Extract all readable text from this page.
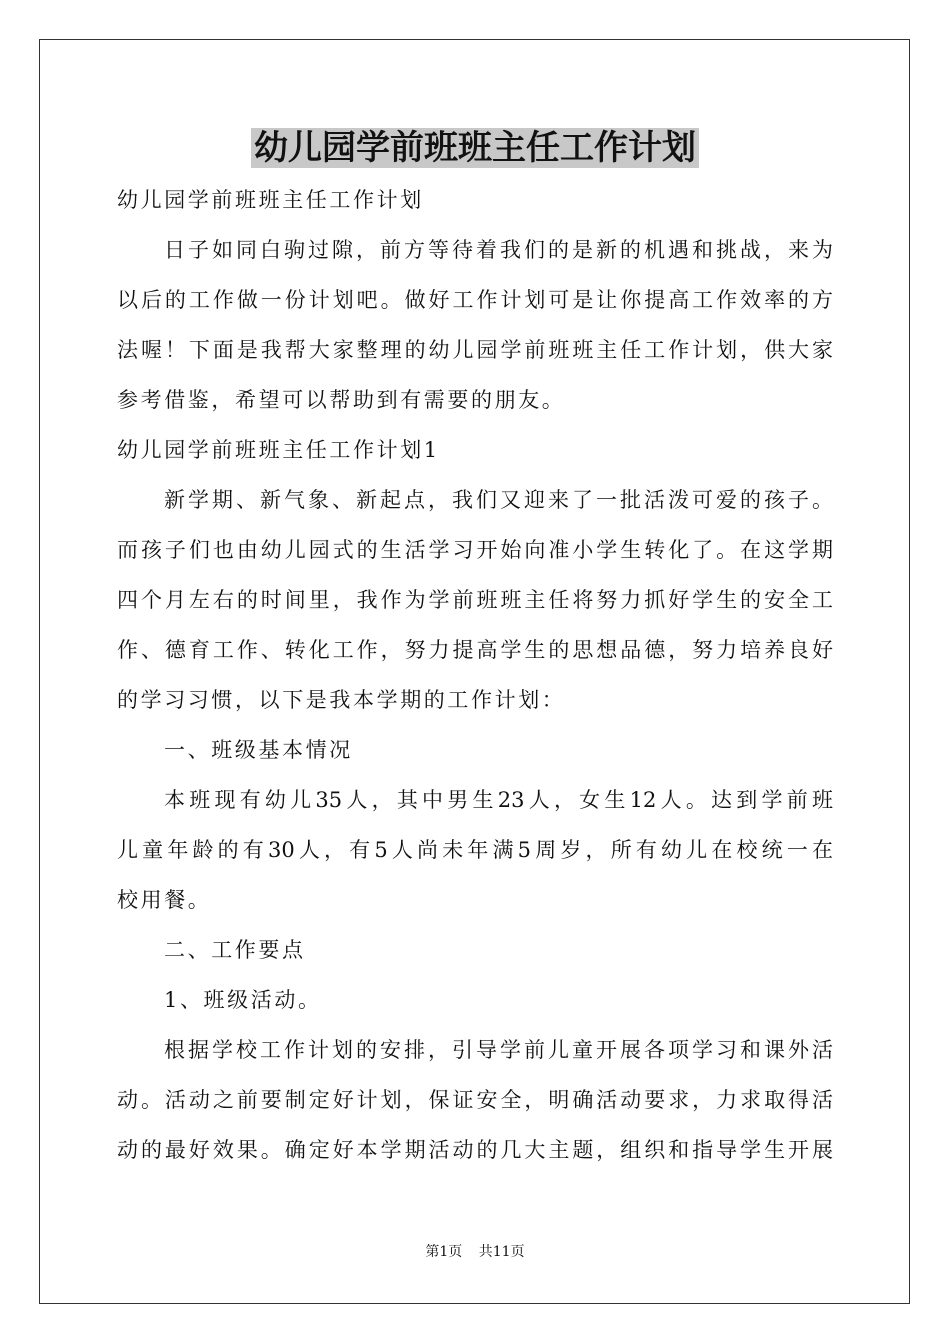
幼儿园学前班班主任工作计划

幼儿园学前班班主任工作计划

日子如同白驹过隙，前方等待着我们的是新的机遇和挑战，来为

以后的工作做一份计划吧。做好工作计划可是让你提高工作效率的方

法喔！下面是我帮大家整理的幼儿园学前班班主任工作计划，供大家

参考借鉴，希望可以帮助到有需要的朋友。

幼儿园学前班班主任工作计划1

新学期、新气象、新起点，我们又迎来了一批活泼可爱的孩子。

而孩子们也由幼儿园式的生活学习开始向准小学生转化了。在这学期

四个月左右的时间里，我作为学前班班主任将努力抓好学生的安全工

作、德育工作、转化工作，努力提高学生的思想品德，努力培养良好

的学习习惯，以下是我本学期的工作计划：

一、班级基本情况

本班现有幼儿35人，其中男生23人，女生12人。达到学前班

儿童年龄的有30人，有5人尚未年满5周岁，所有幼儿在校统一在

校用餐。

二、工作要点

1、班级活动。

根据学校工作计划的安排，引导学前儿童开展各项学习和课外活

动。活动之前要制定好计划，保证安全，明确活动要求，力求取得活

动的最好效果。确定好本学期活动的几大主题，组织和指导学生开展

第1页 共11页
